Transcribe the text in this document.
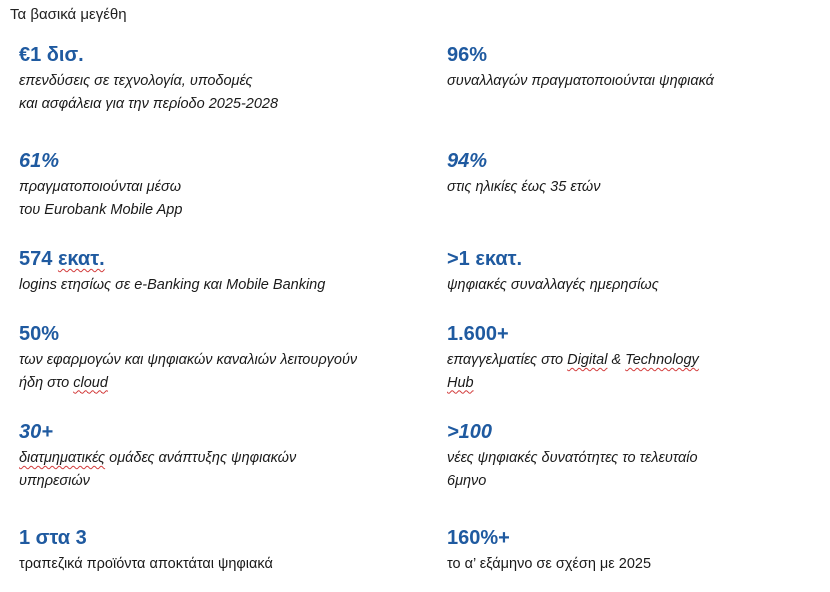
Τα βασικά μεγέθη
€1 δισ.
επενδύσεις σε τεχνολογία, υποδομές
και ασφάλεια για την περίοδο 2025-2028
96%
συναλλαγών πραγματοποιούνται ψηφιακά
61%
πραγματοποιούνται μέσω
του Eurobank Mobile App
94%
στις ηλικίες έως 35 ετών
574 εκατ.
logins ετησίως σε e-Banking και Mobile Banking
>1 εκατ.
ψηφιακές συναλλαγές ημερησίως
50%
των εφαρμογών και ψηφιακών καναλιών λειτουργούν
ήδη στο cloud
1.600+
επαγγελματίες στο Digital & Technology
Hub
30+
διατμηματικές ομάδες ανάπτυξης ψηφιακών
υπηρεσιών
>100
νέες ψηφιακές δυνατότητες το τελευταίο
6μηνο
1 στα 3
τραπεζικά προϊόντα αποκτάται ψηφιακά
160%+
το α’ εξάμηνο σε σχέση με 2025
